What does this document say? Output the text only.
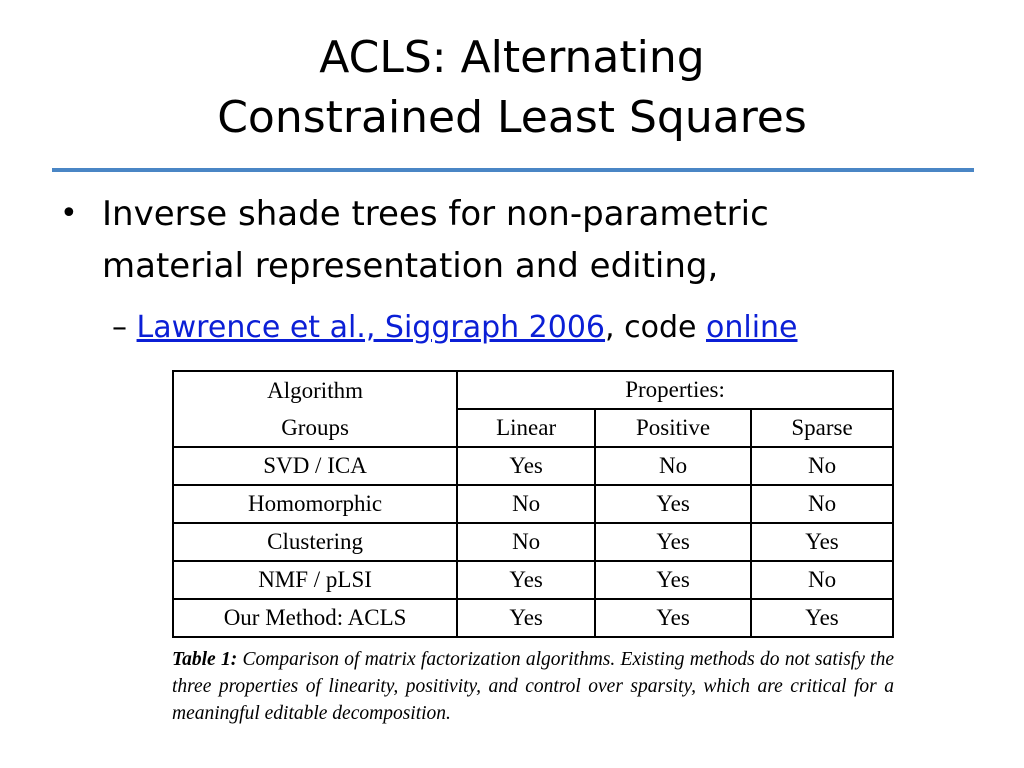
ACLS: Alternating
Constrained Least Squares
• Inverse shade trees for non-parametric
material representation and editing,
– Lawrence et al., Siggraph 2006, code online
Algorithm	Properties:		
Groups	Linear	Positive	Sparse
SVD / ICA	Yes	No	No
Homomorphic	No	Yes	No
Clustering	No	Yes	Yes
NMF / pLSI	Yes	Yes	No
Our Method: ACLS	Yes	Yes	Yes
Table 1: Comparison of matrix factorization algorithms. Existing methods do not satisfy the three properties of linearity, positivity, and control over sparsity, which are critical for a meaningful editable decomposition.
